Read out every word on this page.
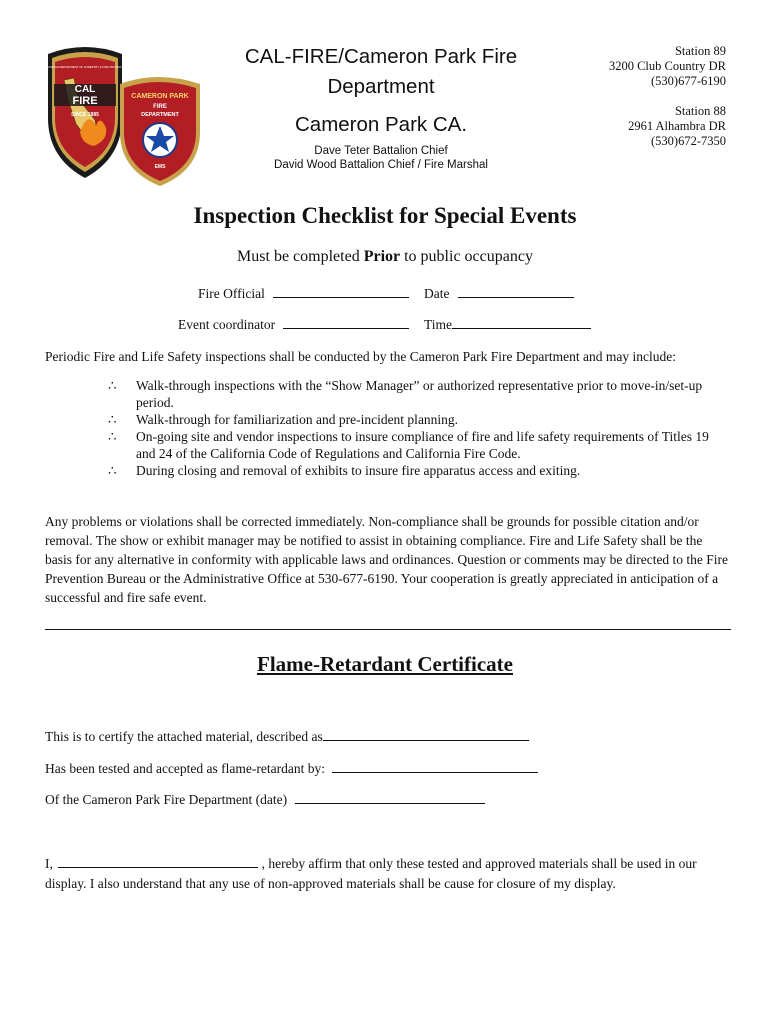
CAL
FIRE
SINCE 1885
CALIFORNIA DEPARTMENT OF FORESTRY & FIRE PROTECTION
CAMERON PARK
FIRE
DEPARTMENT
EMS
CAL-FIRE/Cameron Park Fire
Department
Cameron Park CA.
Dave Teter Battalion Chief
David Wood Battalion Chief / Fire Marshal
Station 89
3200 Club Country DR
(530)677-6190
Station 88
2961 Alhambra DR
(530)672-7350
Inspection Checklist for Special Events
Must be completed Prior to public occupancy
Fire Official	Date
Event coordinator	Time
Periodic Fire and Life Safety inspections shall be conducted by the Cameron Park Fire Department and may include:
∴	Walk-through inspections with the “Show Manager” or authorized representative prior to move-in/set-up period.
∴	Walk-through for familiarization and pre-incident planning.
∴	On-going site and vendor inspections to insure compliance of fire and life safety requirements of Titles 19 and 24 of the California Code of Regulations and California Fire Code.
∴	During closing and removal of exhibits to insure fire apparatus access and exiting.
Any problems or violations shall be corrected immediately. Non-compliance shall be grounds for possible citation and/or removal. The show or exhibit manager may be notified to assist in obtaining compliance. Fire and Life Safety shall be the basis for any alternative in conformity with applicable laws and ordinances. Question or comments may be directed to the Fire Prevention Bureau or the Administrative Office at 530-677-6190. Your cooperation is greatly appreciated in anticipation of a successful and fire safe event.
---------
Flame-Retardant Certificate
This is to certify the attached material, described as
Has been tested and accepted as flame-retardant by:
Of the Cameron Park Fire Department (date)
I,	, hereby affirm that only these tested and approved materials shall be used in our display. I also understand that any use of non-approved materials shall be cause for closure of my display.
